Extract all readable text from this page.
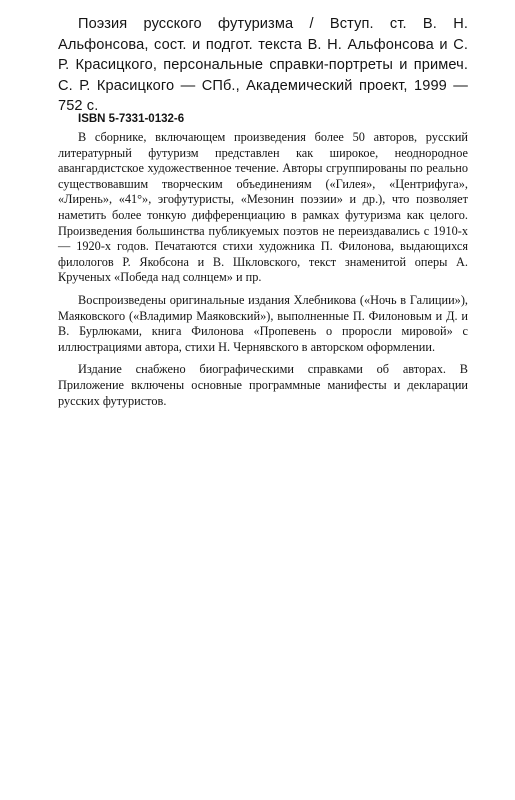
Поэзия русского футуризма / Вступ. ст. В. Н. Альфонсова, сост. и подгот. текста В. Н. Альфонсова и С. Р. Красицкого, персональные справки-портреты и примеч. С. Р. Красицкого — СПб., Академический проект, 1999 — 752 с.

ISBN 5-7331-0132-6

В сборнике, включающем произведения более 50 авторов, русский литературный футуризм представлен как широкое, неоднородное авангардистское художественное течение. Авторы сгруппированы по реально существовавшим творческим объединениям («Гилея», «Центрифуга», «Лирень», «41°», эгофутуристы, «Мезонин поэзии» и др.), что позволяет наметить более тонкую дифференциацию в рамках футуризма как целого. Произведения большинства публикуемых поэтов не переиздавались с 1910-х — 1920-х годов. Печатаются стихи художника П. Филонова, выдающихся филологов Р. Якобсона и В. Шкловского, текст знаменитой оперы А. Крученых «Победа над солнцем» и пр.

Воспроизведены оригинальные издания Хлебникова («Ночь в Галиции»), Маяковского («Владимир Маяковский»), выполненные П. Филоновым и Д. и В. Бурлюками, книга Филонова «Пропевень о проросли мировой» с иллюстрациями автора, стихи Н. Чернявского в авторском оформлении.

Издание снабжено биографическими справками об авторах. В Приложение включены основные программные манифесты и декларации русских футуристов.
